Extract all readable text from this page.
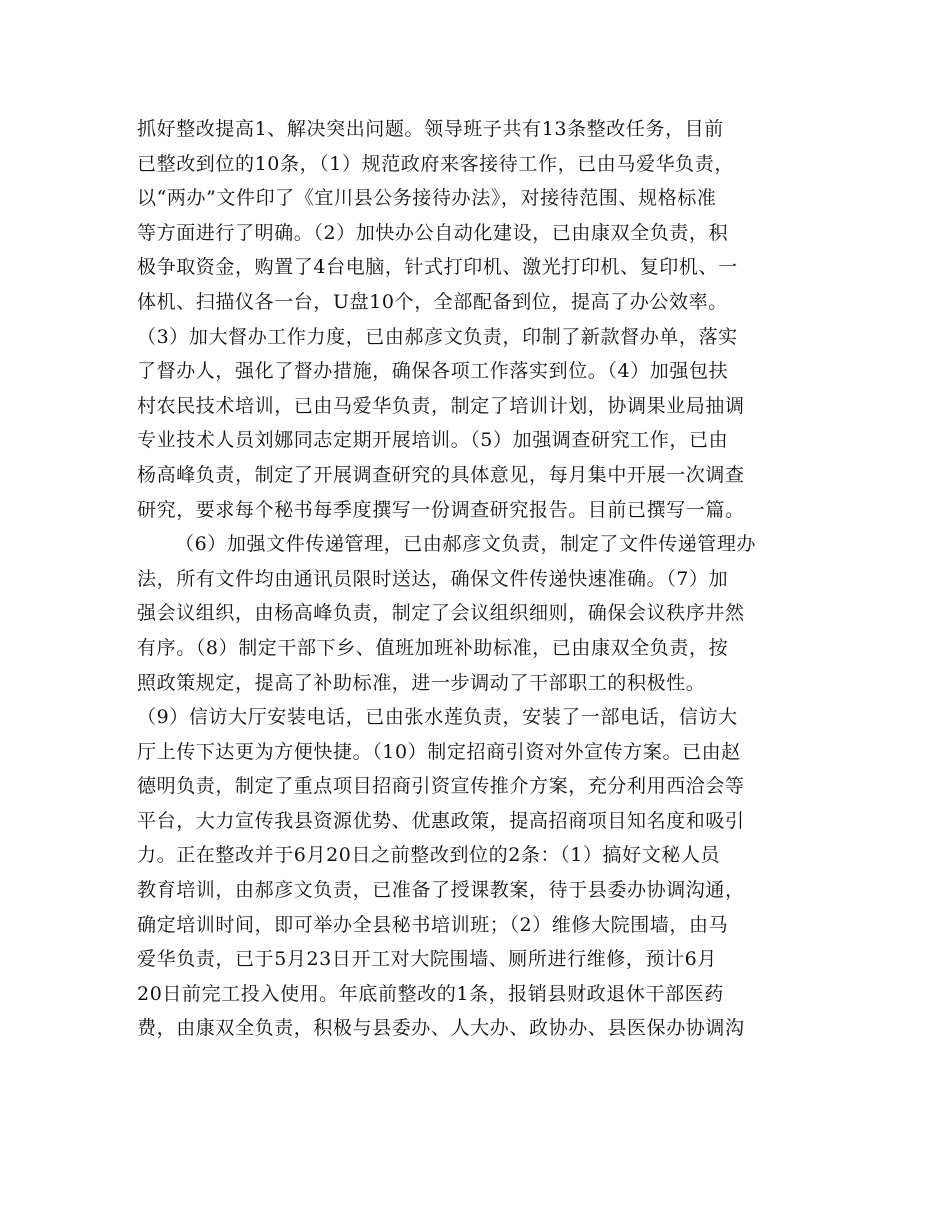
抓好整改提高1、解决突出问题。领导班子共有13条整改任务，目前
已整改到位的10条，（1）规范政府来客接待工作，已由马爱华负责，
以“两办”文件印了《宜川县公务接待办法》，对接待范围、规格标准
等方面进行了明确。（2）加快办公自动化建设，已由康双全负责，积
极争取资金，购置了4台电脑，针式打印机、激光打印机、复印机、一
体机、扫描仪各一台，U盘10个，全部配备到位，提高了办公效率。
（3）加大督办工作力度，已由郝彦文负责，印制了新款督办单，落实
了督办人，强化了督办措施，确保各项工作落实到位。（4）加强包扶
村农民技术培训，已由马爱华负责，制定了培训计划，协调果业局抽调
专业技术人员刘娜同志定期开展培训。（5）加强调查研究工作，已由
杨高峰负责，制定了开展调查研究的具体意见，每月集中开展一次调查
研究，要求每个秘书每季度撰写一份调查研究报告。目前已撰写一篇。
（6）加强文件传递管理，已由郝彦文负责，制定了文件传递管理办
法，所有文件均由通讯员限时送达，确保文件传递快速准确。（7）加
强会议组织，由杨高峰负责，制定了会议组织细则，确保会议秩序井然
有序。（8）制定干部下乡、值班加班补助标准，已由康双全负责，按
照政策规定，提高了补助标准，进一步调动了干部职工的积极性。
（9）信访大厅安装电话，已由张水莲负责，安装了一部电话，信访大
厅上传下达更为方便快捷。（10）制定招商引资对外宣传方案。已由赵
德明负责，制定了重点项目招商引资宣传推介方案，充分利用西洽会等
平台，大力宣传我县资源优势、优惠政策，提高招商项目知名度和吸引
力。正在整改并于6月20日之前整改到位的2条：（1）搞好文秘人员
教育培训，由郝彦文负责，已准备了授课教案，待于县委办协调沟通，
确定培训时间，即可举办全县秘书培训班；（2）维修大院围墙，由马
爱华负责，已于5月23日开工对大院围墙、厕所进行维修，预计6月
20日前完工投入使用。年底前整改的1条，报销县财政退休干部医药
费，由康双全负责，积极与县委办、人大办、政协办、县医保办协调沟
